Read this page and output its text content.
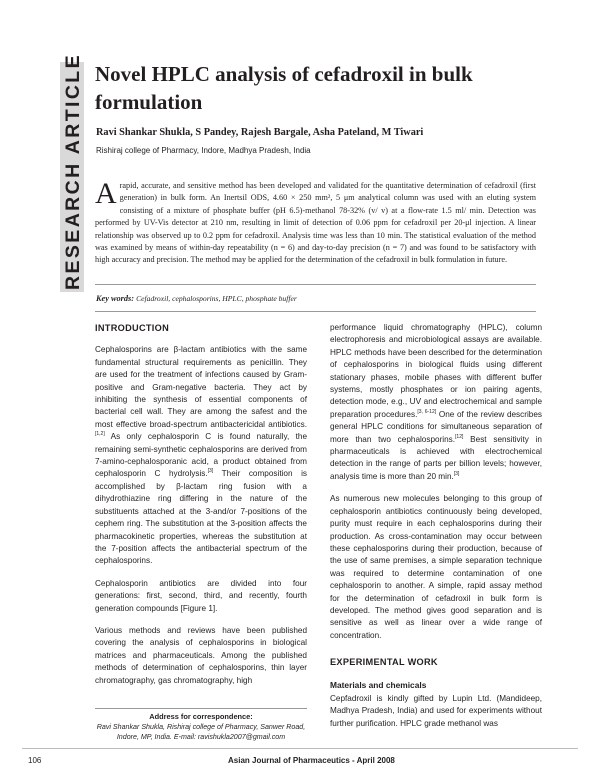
RESEARCH ARTICLE Novel HPLC analysis of cefadroxil in bulk formulation
Ravi Shankar Shukla, S Pandey, Rajesh Bargale, Asha Pateland, M Tiwari
Rishiraj college of Pharmacy, Indore, Madhya Pradesh, India
Arapid, accurate, and sensitive method has been developed and validated for the quantitative determination of cefadroxil (first generation) in bulk form. An Inertsil ODS, 4.60 × 250 mm², 5 μm analytical column was used with an eluting system consisting of a mixture of phosphate buffer (pH 6.5)-methanol 78-32% (v/ v) at a flow-rate 1.5 ml/ min. Detection was performed by UV-Vis detector at 210 nm, resulting in limit of detection of 0.06 ppm for cefadroxil per 20-μl injection. A linear relationship was observed up to 0.2 ppm for cefadroxil. Analysis time was less than 10 min. The statistical evaluation of the method was examined by means of within-day repeatability (n = 6) and day-to-day precision (n = 7) and was found to be satisfactory with high accuracy and precision. The method may be applied for the determination of the cefadroxil in bulk formulation in future.
Key words: Cefadroxil, cephalosporins, HPLC, phosphate buffer
INTRODUCTION

Cephalosporins are β-lactam antibiotics with the same fundamental structural requirements as penicillin. They are used for the treatment of infections caused by Gram-positive and Gram-negative bacteria. They act by inhibiting the synthesis of essential components of bacterial cell wall. They are among the safest and the most effective broad-spectrum antibactericidal antibiotics.[1,2] As only cephalosporin C is found naturally, the remaining semi-synthetic cephalosporins are derived from 7-amino-cephalosporanic acid, a product obtained from cephalosporin C hydrolysis.[3] Their composition is accomplished by β-lactam ring fusion with a dihydrothiazine ring differing in the nature of the substituents attached at the 3-and/or 7-positions of the cephem ring. The substitution at the 3-position affects the pharmacokinetic properties, whereas the substitution at the 7-position affects the antibacterial spectrum of the cephalosporins.

Cephalosporin antibiotics are divided into four generations: first, second, third, and recently, fourth generation compounds [Figure 1].

Various methods and reviews have been published covering the analysis of cephalosporins in biological matrices and pharmaceuticals. Among the published methods of determination of cephalosporins, thin layer chromatography, gas chromatography, high

performance liquid chromatography (HPLC), column electrophoresis and microbiological assays are available. HPLC methods have been described for the determination of cephalosporins in biological fluids using different stationary phases, mobile phases with different buffer systems, mostly phosphates or ion pairing agents, detection mode, e.g., UV and electrochemical and sample preparation procedures.[3, 6-12] One of the review describes general HPLC conditions for simultaneous separation of more than two cephalosporins.[12] Best sensitivity in pharmaceuticals is achieved with electrochemical detection in the range of parts per billion levels; however, analysis time is more than 20 min.[3]

As numerous new molecules belonging to this group of cephalosporin antibiotics continuously being developed, purity must require in each cephalosporins during their production. As cross-contamination may occur between these cephalosporins during their production, because of the use of same premises, a simple separation technique was required to determine contamination of one cephalosporin to another. A simple, rapid assay method for the determination of cefadroxil in bulk form is developed. The method gives good separation and is sensitive as well as linear over a wide range of concentration.

EXPERIMENTAL WORK
Materials and chemicals

Cepfadroxil is kindly gifted by Lupin Ltd. (Mandideep, Madhya Pradesh, India) and used for experiments without further purification. HPLC grade methanol was

Address for correspondence:
Ravi Shankar Shukla, Rishiraj college of Pharmacy, Sanwer Road, Indore, MP, India. E-mail: ravishukla2007@gmail.com
106	Asian Journal of Pharmaceutics - April 2008
